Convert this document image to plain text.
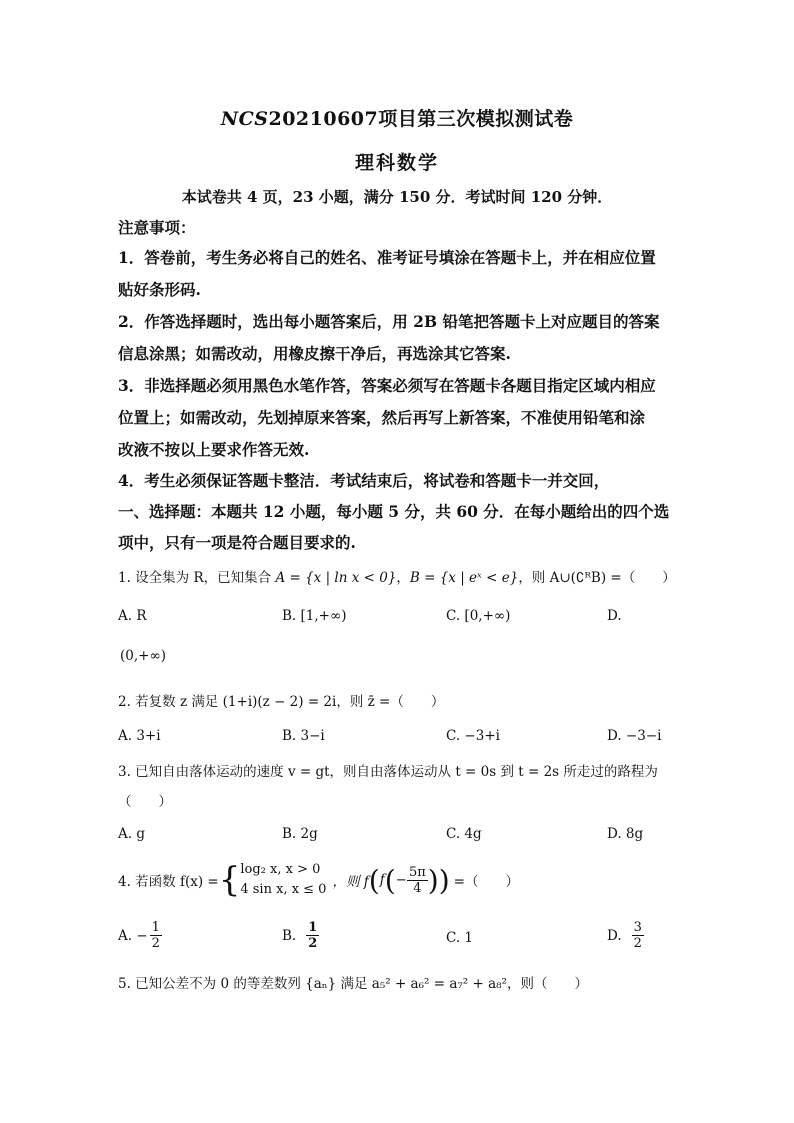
NCS20210607项目第三次模拟测试卷
理科数学
本试卷共 4 页，23 小题，满分 150 分．考试时间 120 分钟．
注意事项：
1．答卷前，考生务必将自己的姓名、准考证号填涂在答题卡上，并在相应位置
贴好条形码.
2．作答选择题时，选出每小题答案后，用 2B 铅笔把答题卡上对应题目的答案
信息涂黑；如需改动，用橡皮擦干净后，再选涂其它答案.
3．非选择题必须用黑色水笔作答，答案必须写在答题卡各题目指定区域内相应
位置上；如需改动，先划掉原来答案，然后再写上新答案，不准使用铅笔和涂
改液不按以上要求作答无效.
4．考生必须保证答题卡整洁．考试结束后，将试卷和答题卡一并交回，
一、选择题：本题共 12 小题，每小题 5 分，共 60 分．在每小题给出的四个选
项中，只有一项是符合题目要求的.
1. 设全集为 R，已知集合 A = {x | ln x < 0}，B = {x | eˣ < e}，则 A∪(∁ᴿB) =（　　）
A. R	B. [1,+∞)	C. [0,+∞)	D.
(0,+∞)
2. 若复数 z 满足 (1+i)(z − 2) = 2i，则 z̄ =（　　）
A. 3+i	B. 3−i	C. −3+i	D. −3−i
3. 已知自由落体运动的速度 v = gt，则自由落体运动从 t = 0s 到 t = 2s 所走过的路程为
（　　）
A. g	B. 2g	C. 4g	D. 8g
4. 若函数 f(x) = { log₂ x, x > 0
4 sin x, x ≤ 0 ，则 f ( f ( − $\frac{5\pi}{4}$ ) ) =（　　）
A. − $\frac{1}{2}$	B. $\frac{1}{2}$	C. 1	D. $\frac{3}{2}$
5. 已知公差不为 0 的等差数列 {aₙ} 满足 a₅² + a₆² = a₇² + a₈²，则（　　）
